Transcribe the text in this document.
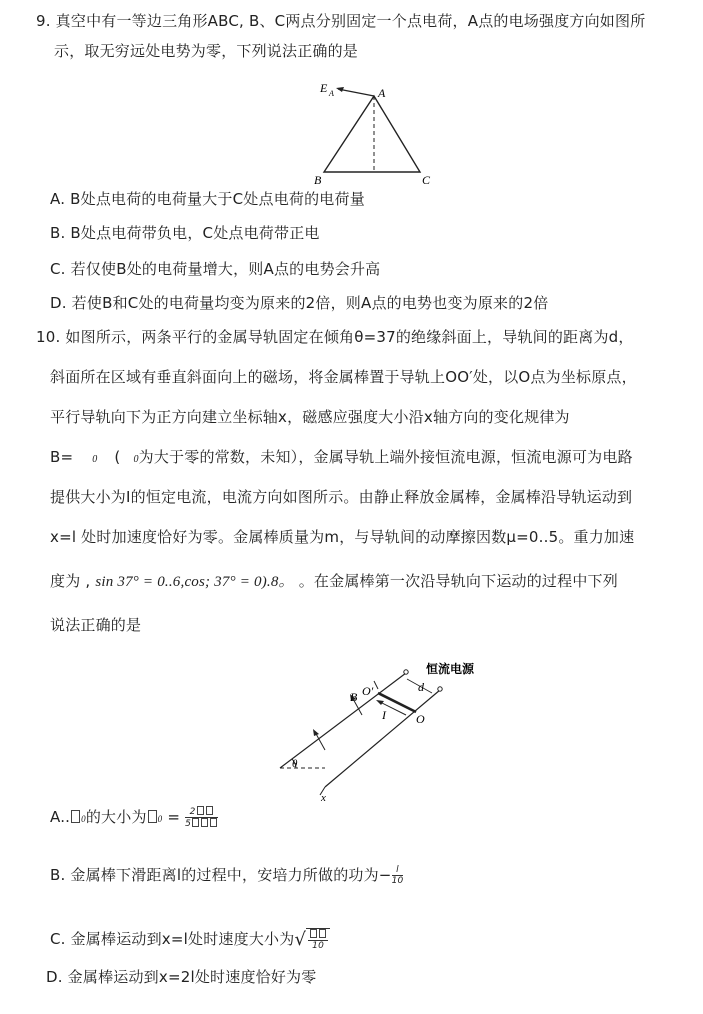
9. 真空中有一等边三角形ABC, B、C两点分别固定一个点电荷，A点的电场强度方向如图所
示，取无穷远处电势为零，下列说法正确的是
E A	A
B	C
A. B处点电荷的电荷量大于C处点电荷的电荷量
B. B处点电荷带负电，C处点电荷带正电
C. 若仅使B处的电荷量增大，则A点的电势会升高
D. 若使B和C处的电荷量均变为原来的2倍，则A点的电势也变为原来的2倍
10. 如图所示，两条平行的金属导轨固定在倾角θ=37的绝缘斜面上，导轨间的距离为d，
斜面所在区域有垂直斜面向上的磁场，将金属棒置于导轨上OO′处，以O点为坐标原点，
平行导轨向下为正方向建立坐标轴x，磁感应强度大小沿x轴方向的变化规律为
B= 0 ( 0为大于零的常数，未知），金属导轨上端外接恒流电源，恒流电源可为电路
提供大小为I的恒定电流，电流方向如图所示。由静止释放金属棒，金属棒沿导轨运动到
x=l 处时加速度恰好为零。金属棒质量为m，与导轨间的动摩擦因数μ=0..5。重力加速
度为 , sin 37° = 0..6,cos; 37° = 0).8。 。在金属棒第一次沿导轨向下运动的过程中下列
说法正确的是
θ
恒流电源
d
B O′
I	O
x
A.. 0的大小为 $0 = \frac{2}{5}$
B. 金属棒下滑距离l的过程中，安培力所做的功为− $\frac{l}{10}$
C. 金属棒运动到x=l处时速度大小为√ 10
D. 金属棒运动到x=2l处时速度恰好为零
